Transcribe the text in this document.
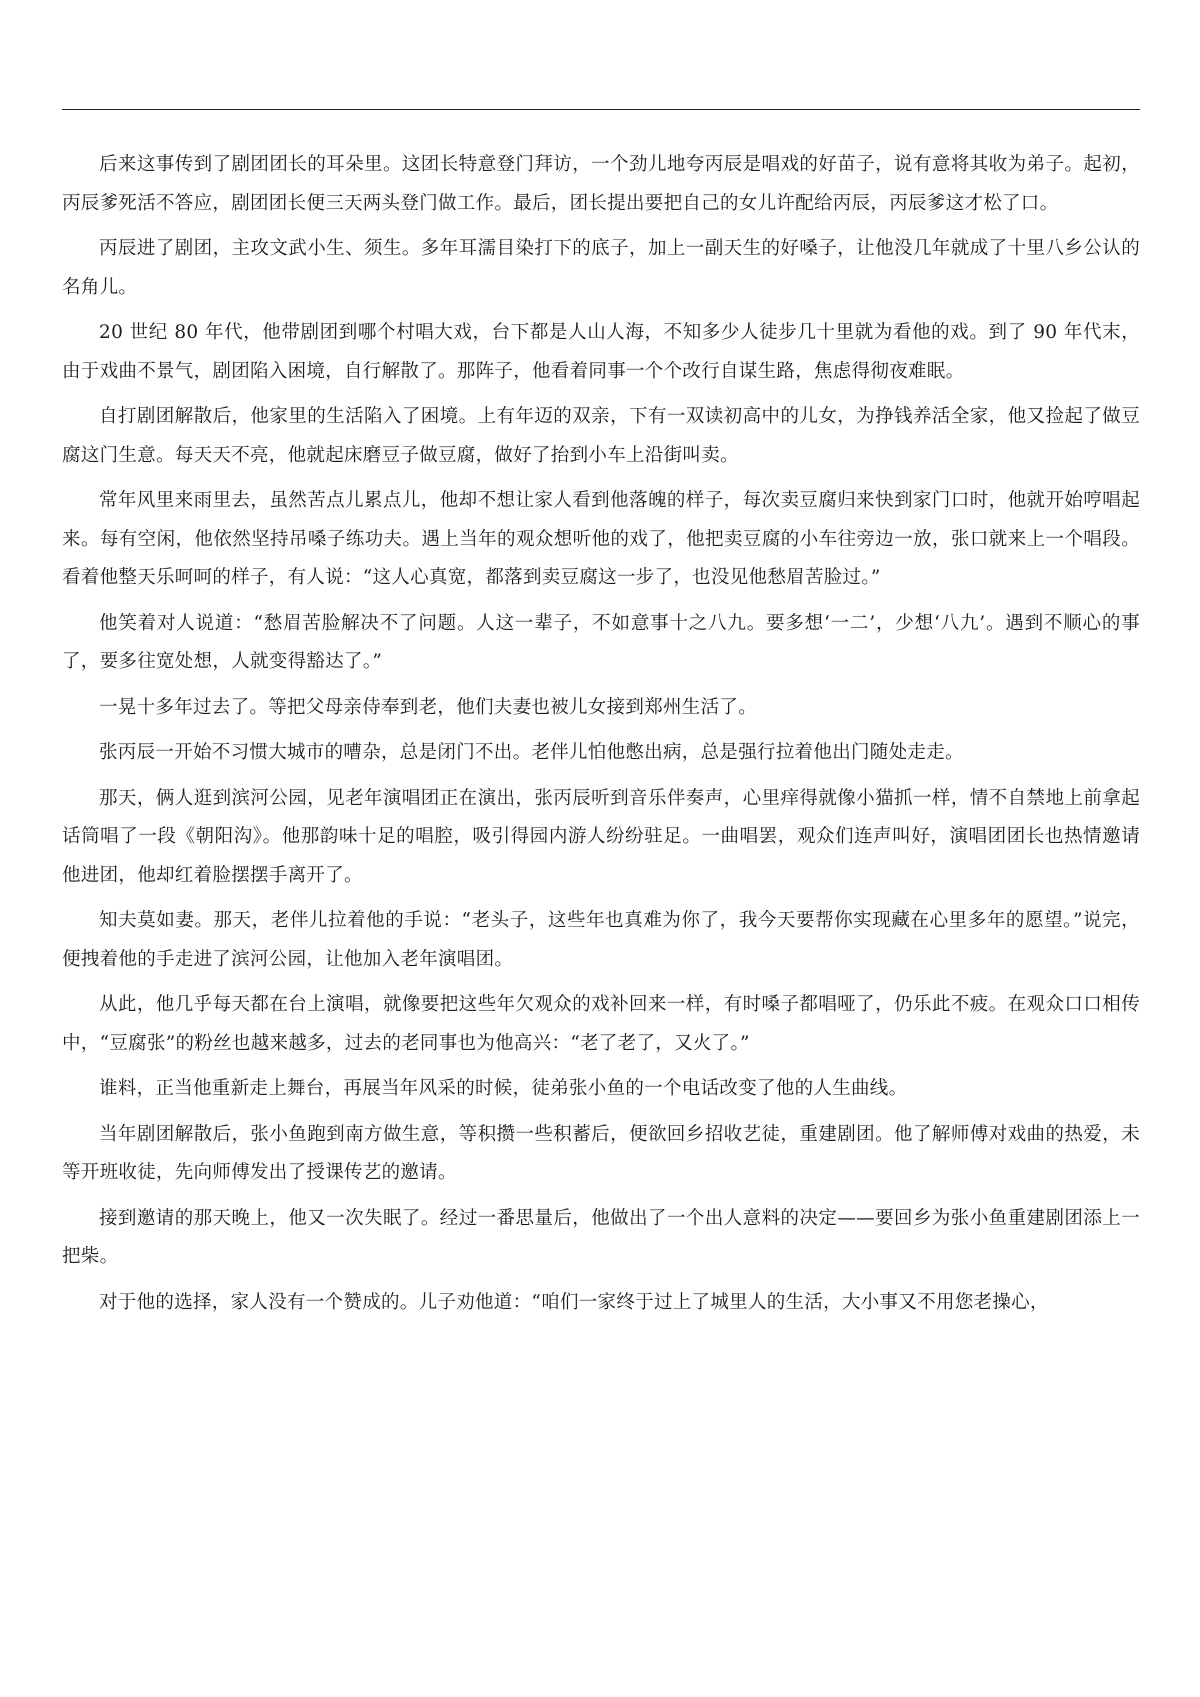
后来这事传到了剧团团长的耳朵里。这团长特意登门拜访，一个劲儿地夸丙辰是唱戏的好苗子，说有意将其收为弟子。起初，丙辰爹死活不答应，剧团团长便三天两头登门做工作。最后，团长提出要把自己的女儿许配给丙辰，丙辰爹这才松了口。

丙辰进了剧团，主攻文武小生、须生。多年耳濡目染打下的底子，加上一副天生的好嗓子，让他没几年就成了十里八乡公认的名角儿。

20 世纪 80 年代，他带剧团到哪个村唱大戏，台下都是人山人海，不知多少人徒步几十里就为看他的戏。到了 90 年代末，由于戏曲不景气，剧团陷入困境，自行解散了。那阵子，他看着同事一个个改行自谋生路，焦虑得彻夜难眠。

自打剧团解散后，他家里的生活陷入了困境。上有年迈的双亲，下有一双读初高中的儿女，为挣钱养活全家，他又捡起了做豆腐这门生意。每天天不亮，他就起床磨豆子做豆腐，做好了抬到小车上沿街叫卖。

常年风里来雨里去，虽然苦点儿累点儿，他却不想让家人看到他落魄的样子，每次卖豆腐归来快到家门口时，他就开始哼唱起来。每有空闲，他依然坚持吊嗓子练功夫。遇上当年的观众想听他的戏了，他把卖豆腐的小车往旁边一放，张口就来上一个唱段。看着他整天乐呵呵的样子，有人说：“这人心真宽，都落到卖豆腐这一步了，也没见他愁眉苦脸过。”

他笑着对人说道：“愁眉苦脸解决不了问题。人这一辈子，不如意事十之八九。要多想‘一二’，少想‘八九’。遇到不顺心的事了，要多往宽处想，人就变得豁达了。”

一晃十多年过去了。等把父母亲侍奉到老，他们夫妻也被儿女接到郑州生活了。

张丙辰一开始不习惯大城市的嘈杂，总是闭门不出。老伴儿怕他憋出病，总是强行拉着他出门随处走走。

那天，俩人逛到滨河公园，见老年演唱团正在演出，张丙辰听到音乐伴奏声，心里痒得就像小猫抓一样，情不自禁地上前拿起话筒唱了一段《朝阳沟》。他那韵味十足的唱腔，吸引得园内游人纷纷驻足。一曲唱罢，观众们连声叫好，演唱团团长也热情邀请他进团，他却红着脸摆摆手离开了。

知夫莫如妻。那天，老伴儿拉着他的手说：“老头子，这些年也真难为你了，我今天要帮你实现藏在心里多年的愿望。”说完，便拽着他的手走进了滨河公园，让他加入老年演唱团。

从此，他几乎每天都在台上演唱，就像要把这些年欠观众的戏补回来一样，有时嗓子都唱哑了，仍乐此不疲。在观众口口相传中，“豆腐张”的粉丝也越来越多，过去的老同事也为他高兴：“老了老了，又火了。”

谁料，正当他重新走上舞台，再展当年风采的时候，徒弟张小鱼的一个电话改变了他的人生曲线。

当年剧团解散后，张小鱼跑到南方做生意，等积攒一些积蓄后，便欲回乡招收艺徒，重建剧团。他了解师傅对戏曲的热爱，未等开班收徒，先向师傅发出了授课传艺的邀请。

接到邀请的那天晚上，他又一次失眠了。经过一番思量后，他做出了一个出人意料的决定——要回乡为张小鱼重建剧团添上一把柴。

对于他的选择，家人没有一个赞成的。儿子劝他道：“咱们一家终于过上了城里人的生活，大小事又不用您老操心，
